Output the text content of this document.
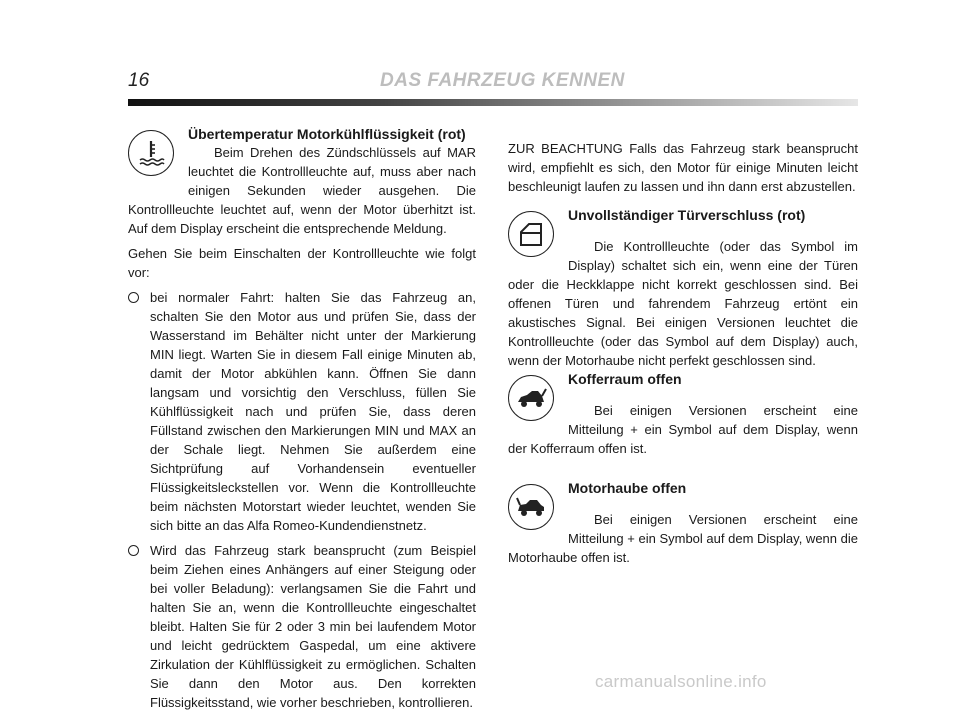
16	DAS FAHRZEUG KENNEN

Übertemperatur Motorkühlflüssigkeit (rot)

Beim Drehen des Zündschlüssels auf MAR leuchtet die Kontrollleuchte auf, muss aber nach einigen Sekunden wieder ausgehen. Die Kontrollleuchte leuchtet auf, wenn der Motor überhitzt ist. Auf dem Display erscheint die entsprechende Meldung.

Gehen Sie beim Einschalten der Kontrollleuchte wie folgt vor:

bei normaler Fahrt: halten Sie das Fahrzeug an, schalten Sie den Motor aus und prüfen Sie, dass der Wasserstand im Behälter nicht unter der Markierung MIN liegt. Warten Sie in diesem Fall einige Minuten ab, damit der Motor abkühlen kann. Öffnen Sie dann langsam und vorsichtig den Verschluss, füllen Sie Kühlflüssigkeit nach und prüfen Sie, dass deren Füllstand zwischen den Markierungen MIN und MAX an der Schale liegt. Nehmen Sie außerdem eine Sichtprüfung auf Vorhandensein eventueller Flüssigkeitsleckstellen vor. Wenn die Kontrollleuchte beim nächsten Motorstart wieder leuchtet, wenden Sie sich bitte an das Alfa Romeo-Kundendienstnetz.

Wird das Fahrzeug stark beansprucht (zum Beispiel beim Ziehen eines Anhängers auf einer Steigung oder bei voller Beladung): verlangsamen Sie die Fahrt und halten Sie an, wenn die Kontrollleuchte eingeschaltet bleibt. Halten Sie für 2 oder 3 min bei laufendem Motor und leicht gedrücktem Gaspedal, um eine aktivere Zirkulation der Kühlflüssigkeit zu ermöglichen. Schalten Sie dann den Motor aus. Den korrekten Flüssigkeitsstand, wie vorher beschrieben, kontrollieren.

ZUR BEACHTUNG Falls das Fahrzeug stark beansprucht wird, empfiehlt es sich, den Motor für einige Minuten leicht beschleunigt laufen zu lassen und ihn dann erst abzustellen.

Unvollständiger Türverschluss (rot)

Die Kontrollleuchte (oder das Symbol im Display) schaltet sich ein, wenn eine der Türen oder die Heckklappe nicht korrekt geschlossen sind. Bei offenen Türen und fahrendem Fahrzeug ertönt ein akustisches Signal. Bei einigen Versionen leuchtet die Kontrollleuchte (oder das Symbol auf dem Display) auch, wenn der Motorhaube nicht perfekt geschlossen sind.

Kofferraum offen

Bei einigen Versionen erscheint eine Mitteilung + ein Symbol auf dem Display, wenn der Kofferraum offen ist.

Motorhaube offen

Bei einigen Versionen erscheint eine Mitteilung + ein Symbol auf dem Display, wenn die Motorhaube offen ist.

carmanualsonline.info
